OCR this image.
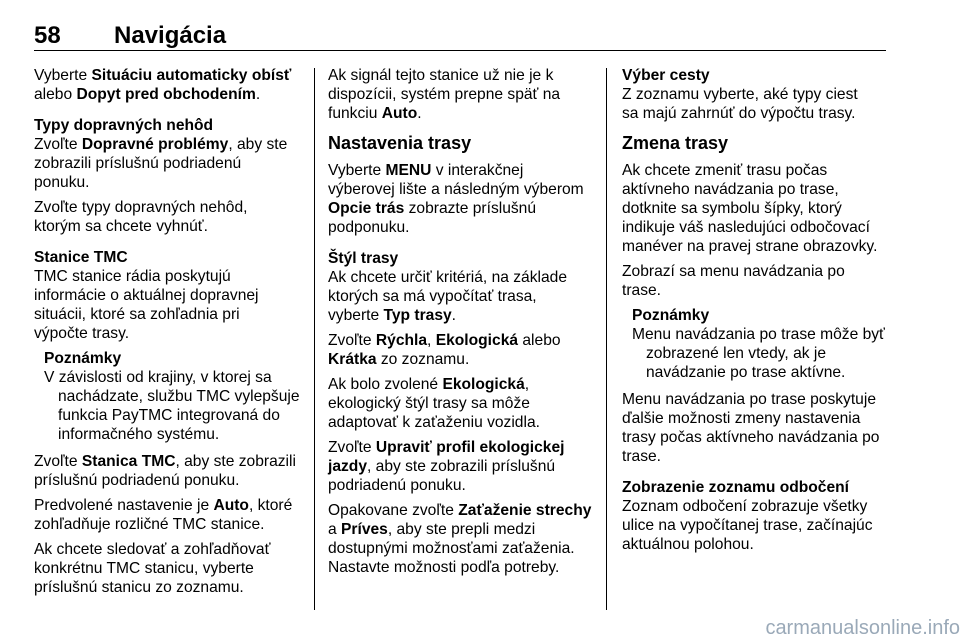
58 Navigácia

Vyberte Situáciu automaticky obísť
alebo Dopyt pred obchodením.

Typy dopravných nehôd

Zvoľte Dopravné problémy, aby ste
zobrazili príslušnú podriadenú
ponuku.

Zvoľte typy dopravných nehôd,
ktorým sa chcete vyhnúť.

Stanice TMC

TMC stanice rádia poskytujú
informácie o aktuálnej dopravnej
situácii, ktoré sa zohľadnia pri
výpočte trasy.

Poznámky

V závislosti od krajiny, v ktorej sa

nachádzate, službu TMC vylepšuje
funkcia PayTMC integrovaná do
informačného systému.

Zvoľte Stanica TMC, aby ste zobrazili
príslušnú podriadenú ponuku.

Predvolené nastavenie je Auto, ktoré
zohľadňuje rozličné TMC stanice.

Ak chcete sledovať a zohľadňovať
konkrétnu TMC stanicu, vyberte
príslušnú stanicu zo zoznamu.

Ak signál tejto stanice už nie je k
dispozícii, systém prepne späť na
funkciu Auto.

Nastavenia trasy

Vyberte MENU v interakčnej
výberovej lište a následným výberom
Opcie trás zobrazte príslušnú
podponuku.

Štýl trasy

Ak chcete určiť kritériá, na základe
ktorých sa má vypočítať trasa,
vyberte Typ trasy.

Zvoľte Rýchla, Ekologická alebo
Krátka zo zoznamu.

Ak bolo zvolené Ekologická,
ekologický štýl trasy sa môže
adaptovať k zaťaženiu vozidla.

Zvoľte Upraviť profil ekologickej
jazdy, aby ste zobrazili príslušnú
podriadenú ponuku.

Opakovane zvoľte Zaťaženie strechy
a Príves, aby ste prepli medzi
dostupnými možnosťami zaťaženia.
Nastavte možnosti podľa potreby.

Výber cesty

Z zoznamu vyberte, aké typy ciest
sa majú zahrnúť do výpočtu trasy.

Zmena trasy

Ak chcete zmeniť trasu počas
aktívneho navádzania po trase,
dotknite sa symbolu šípky, ktorý
indikuje váš nasledujúci odbočovací
manéver na pravej strane obrazovky.

Zobrazí sa menu navádzania po
trase.

Poznámky

Menu navádzania po trase môže byť

zobrazené len vtedy, ak je
navádzanie po trase aktívne.

Menu navádzania po trase poskytuje
ďalšie možnosti zmeny nastavenia
trasy počas aktívneho navádzania po
trase.

Zobrazenie zoznamu odbočení

Zoznam odbočení zobrazuje všetky
ulice na vypočítanej trase, začínajúc
aktuálnou polohou.

carmanualsonline.info
